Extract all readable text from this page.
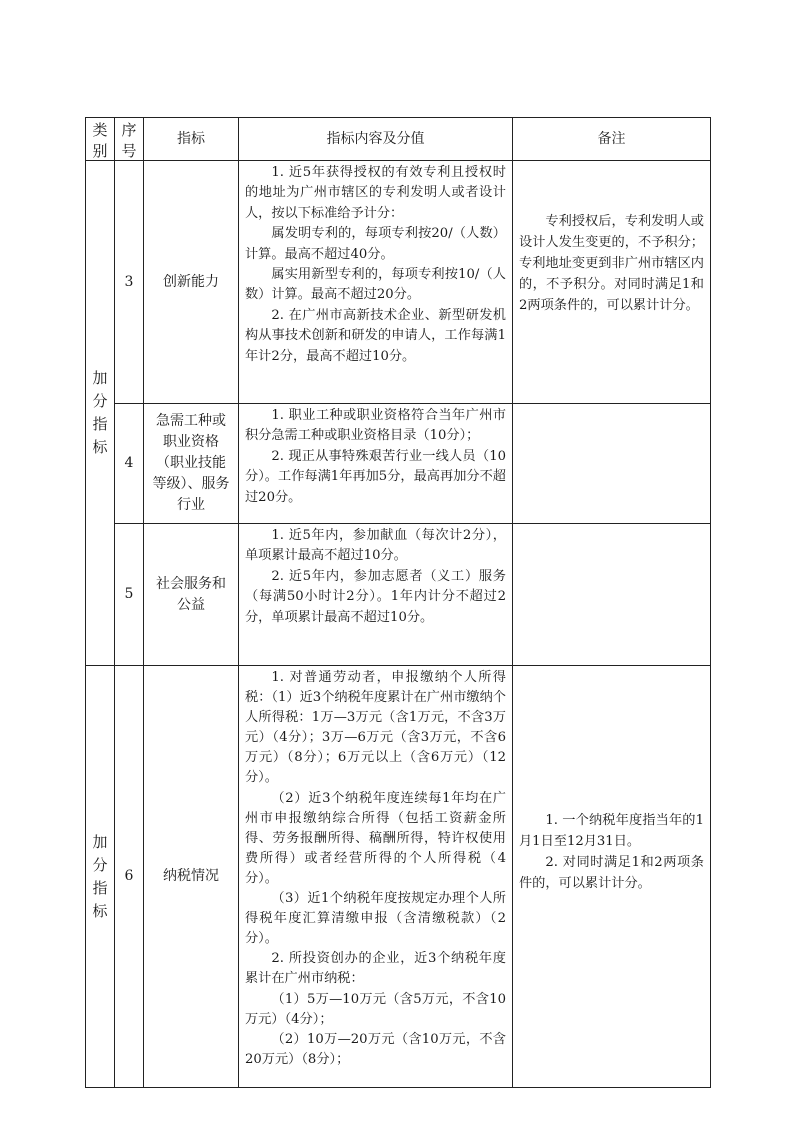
类
别
序
号
指标	指标内容及分值	备注
加
分
指
标
3 创新能力

1. 近5年获得授权的有效专利且授权时的地址为广州市辖区的专利发明人或者设计人，按以下标准给予计分：

属发明专利的，每项专利按20/（人数）计算。最高不超过40分。

属实用新型专利的，每项专利按10/（人数）计算。最高不超过20分。

2. 在广州市高新技术企业、新型研发机构从事技术创新和研发的申请人，工作每满1年计2分，最高不超过10分。

专利授权后，专利发明人或设计人发生变更的，不予积分；专利地址变更到非广州市辖区内的，不予积分。对同时满足1和2两项条件的，可以累计计分。

4
急需工种或职业资格（职业技能等级）、服务行业

1. 职业工种或职业资格符合当年广州市积分急需工种或职业资格目录（10分）；

2. 现正从事特殊艰苦行业一线人员（10分）。工作每满1年再加5分，最高再加分不超过20分。

5
社会服务和公益

1. 近5年内，参加献血（每次计2分），单项累计最高不超过10分。

2. 近5年内，参加志愿者（义工）服务（每满50小时计2分）。1年内计分不超过2分，单项累计最高不超过10分。

加
分
指
标
6 纳税情况

1. 对普通劳动者，申报缴纳个人所得税：（1）近3个纳税年度累计在广州市缴纳个人所得税：1万—3万元（含1万元，不含3万元）（4分）；3万—6万元（含3万元，不含6万元）（8分）；6万元以上（含6万元）（12分）。

（2）近3个纳税年度连续每1年均在广州市申报缴纳综合所得（包括工资薪金所得、劳务报酬所得、稿酬所得，特许权使用费所得）或者经营所得的个人所得税（4分）。

（3）近1个纳税年度按规定办理个人所得税年度汇算清缴申报（含清缴税款）（2分）。

2. 所投资创办的企业，近3个纳税年度累计在广州市纳税：

（1）5万—10万元（含5万元，不含10万元）（4分）；

（2）10万—20万元（含10万元，不含20万元）（8分）；

1. 一个纳税年度指当年的1月1日至12月31日。

2. 对同时满足1和2两项条件的，可以累计计分。
